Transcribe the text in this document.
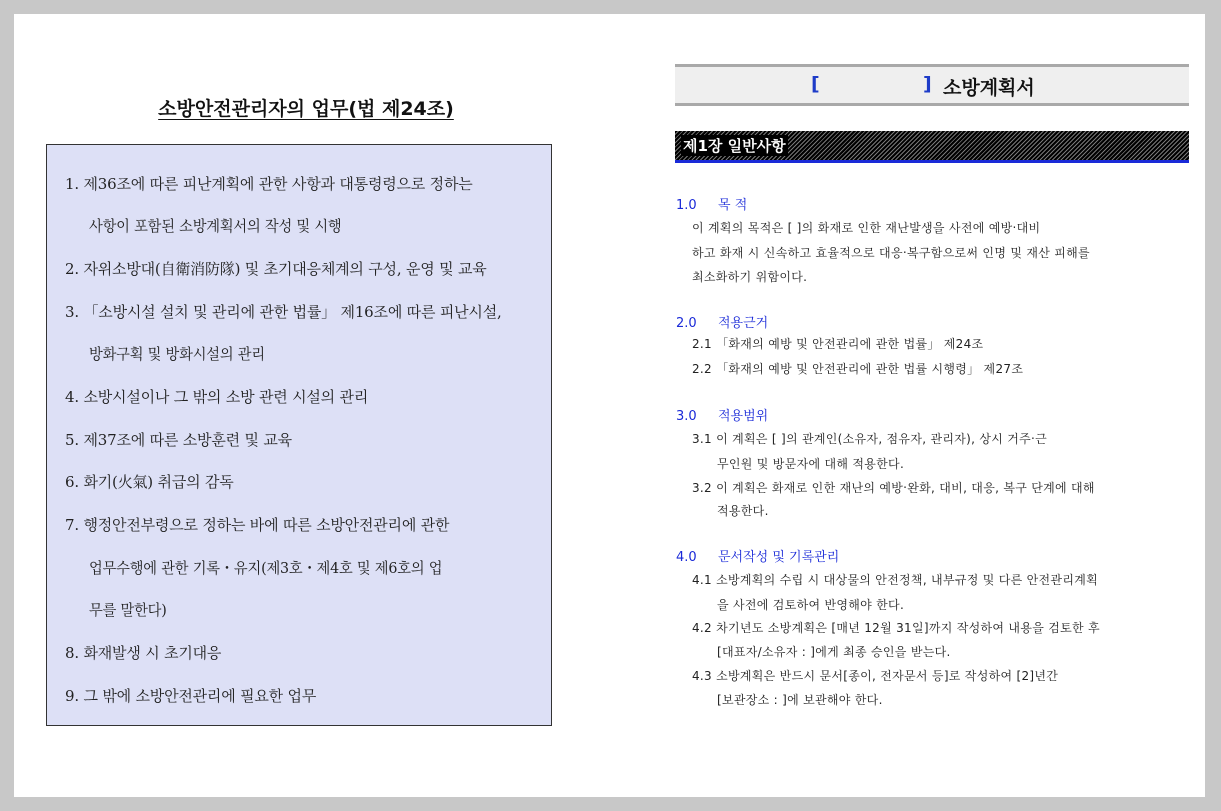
소방안전관리자의 업무(법 제24조)
1. 제36조에 따른 피난계획에 관한 사항과 대통령령으로 정하는
사항이 포함된 소방계획서의 작성 및 시행
2. 자위소방대(自衛消防隊) 및 초기대응체계의 구성, 운영 및 교육
3. 「소방시설 설치 및 관리에 관한 법률」 제16조에 따른 피난시설,
방화구획 및 방화시설의 관리
4. 소방시설이나 그 밖의 소방 관련 시설의 관리
5. 제37조에 따른 소방훈련 및 교육
6. 화기(火氣) 취급의 감독
7. 행정안전부령으로 정하는 바에 따른 소방안전관리에 관한
업무수행에 관한 기록・유지(제3호・제4호 및 제6호의 업
무를 말한다)
8. 화재발생 시 초기대응
9. 그 밖에 소방안전관리에 필요한 업무
[	] 소방계획서
제1장 일반사항
1.0 목 적
이 계획의 목적은 [ ]의 화재로 인한 재난발생을 사전에 예방‧대비
하고 화재 시 신속하고 효율적으로 대응‧복구함으로써 인명 및 재산 피해를
최소화하기 위함이다.
2.0 적용근거
2.1 「화재의 예방 및 안전관리에 관한 법률」 제24조
2.2 「화재의 예방 및 안전관리에 관한 법률 시행령」 제27조
3.0 적용범위
3.1 이 계획은 [ ]의 관계인(소유자, 점유자, 관리자), 상시 거주‧근
무인원 및 방문자에 대해 적용한다.
3.2 이 계획은 화재로 인한 재난의 예방‧완화, 대비, 대응, 복구 단계에 대해
적용한다.
4.0 문서작성 및 기록관리
4.1 소방계획의 수립 시 대상물의 안전정책, 내부규정 및 다른 안전관리계획
을 사전에 검토하여 반영해야 한다.
4.2 차기년도 소방계획은 [매년 12월 31일]까지 작성하여 내용을 검토한 후
[대표자/소유자 : ]에게 최종 승인을 받는다.
4.3 소방계획은 반드시 문서[종이, 전자문서 등]로 작성하여 [2]년간
[보관장소 : ]에 보관해야 한다.
